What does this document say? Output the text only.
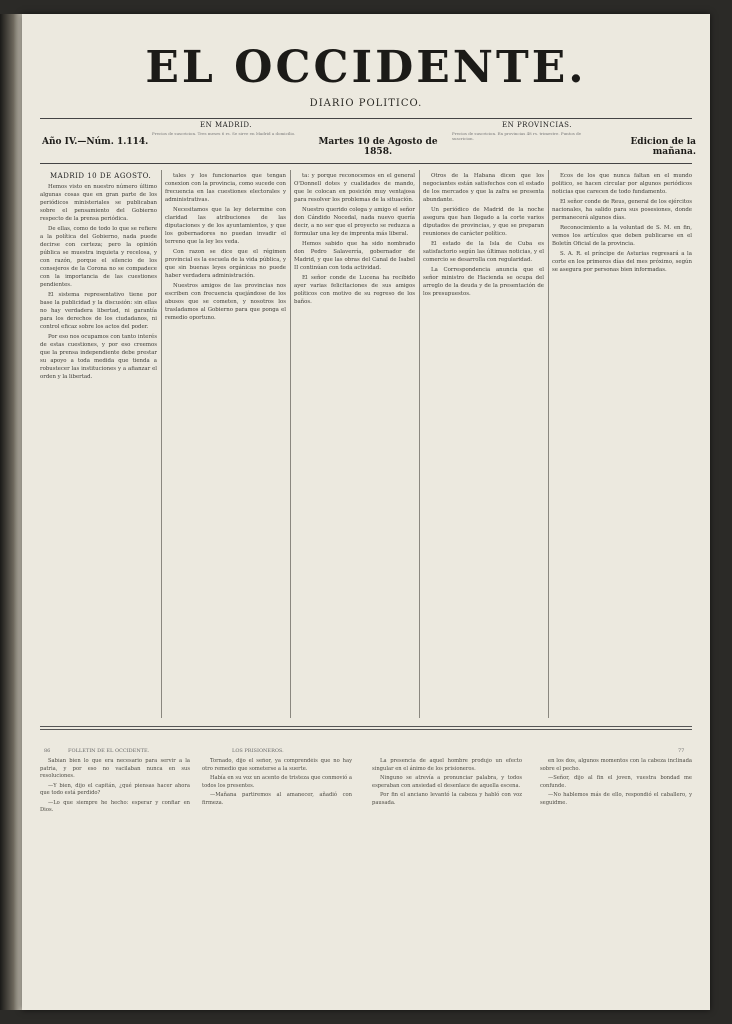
EL OCCIDENTE.
DIARIO POLITICO.
Año IV.—Núm. 1.114.
EN MADRID.
Precios de suscricion. Tres meses 6 rs. Se sirve en Madrid a domicilio.
Martes 10 de Agosto de 1858.
EN PROVINCIAS.
Precios de suscricion. En provincias 48 rs. trimestre. Puntos de suscricion.	Edicion de la mañana.

MADRID 10 DE AGOSTO.

Hemos visto en nuestro número último algunas cosas que en gran parte de los periódicos ministeriales se publicaban sobre el pensamiento del Gobierno respecto de la prensa periódica.

De ellas, como de todo lo que se refiere a la política del Gobierno, nada puede decirse con certeza; pero la opinión pública se muestra inquieta y recelosa, y con razón, porque el silencio de los consejeros de la Corona no se compadece con la importancia de las cuestiones pendientes.

El sistema representativo tiene por base la publicidad y la discusión: sin ellas no hay verdadera libertad, ni garantía para los derechos de los ciudadanos, ni control eficaz sobre los actos del poder.

Por eso nos ocupamos con tanto interés de estas cuestiones, y por eso creemos que la prensa independiente debe prestar su apoyo a toda medida que tienda a robustecer las instituciones y a afianzar el orden y la libertad.

tales y los funcionarios que tengan conexion con la provincia, como sucede con frecuencia en las cuestiones electorales y administrativas.

Necesitamos que la ley determine con claridad las atribuciones de las diputaciones y de los ayuntamientos, y que los gobernadores no puedan invadir el terreno que la ley les veda.

Con razon se dice que el régimen provincial es la escuela de la vida pública, y que sin buenas leyes orgánicas no puede haber verdadera administración.

Nuestros amigos de las provincias nos escriben con frecuencia quejándose de los abusos que se cometen, y nosotros los trasladamos al Gobierno para que ponga el remedio oportuno.

ta: y porque reconocemos en el general O'Donnell dotes y cualidades de mando, que le colocan en posición muy ventajosa para resolver los problemas de la situación.

Nuestro querido colega y amigo el señor don Cándido Nocedal, nada nuevo quería decir, a no ser que el proyecto se reduzca a formular una ley de imprenta más liberal.

Hemos sabido que ha sido nombrado don Pedro Salaverría, gobernador de Madrid, y que las obras del Canal de Isabel II continúan con toda actividad.

El señor conde de Lucena ha recibido ayer varias felicitaciones de sus amigos políticos con motivo de su regreso de los baños.

Otros de la Habana dicen que los negociantes están satisfechos con el estado de los mercados y que la zafra se presenta abundante.

Un periódico de Madrid de la noche asegura que han llegado a la corte varios diputados de provincias, y que se preparan reuniones de carácter político.

El estado de la Isla de Cuba es satisfactorio según las últimas noticias, y el comercio se desarrolla con regularidad.

La Correspondencia anuncia que el señor ministro de Hacienda se ocupa del arreglo de la deuda y de la presentación de los presupuestos.

Ecos de los que nunca faltan en el mundo politico, se hacen circular por algunos periódicos noticias que carecen de todo fundamento.

El señor conde de Reus, general de los ejércitos nacionales, ha salido para sus posesiones, donde permanecerá algunos días.

Reconocimiento a la voluntad de S. M. en fin, vemos los artículos que deben publicarse en el Boletín Oficial de la provincia.

S. A. R. el príncipe de Asturias regresará a la corte en los primeros días del mes próximo, según se asegura por personas bien informadas.

86	FOLLETIN DE EL OCCIDENTE.	LOS PRISIONEROS.	77

Sabían bien lo que era necesario para servir a la patria, y por eso no vacilaban nunca en sus resoluciones.

—Y bien, dijo el capitán, ¿qué piensas hacer ahora que todo está perdido?

—Lo que siempre he hecho: esperar y confiar en Dios.

Tornado, dijo el señor, ya comprendéis que no hay otro remedio que someterse a la suerte.

Había en su voz un acento de tristeza que conmovió a todos los presentes.

—Mañana partiremos al amanecer, añadió con firmeza.

La presencia de aquel hombre produjo un efecto singular en el ánimo de los prisioneros.

Ninguno se atrevía a pronunciar palabra, y todos esperaban con ansiedad el desenlace de aquella escena.

Por fin el anciano levantó la cabeza y habló con voz pausada.

en los dos, algunos momentos con la cabeza inclinada sobre el pecho.

—Señor, dijo al fin el joven, vuestra bondad me confunde.

—No hablemos más de ello, respondió el caballero, y seguidme.
